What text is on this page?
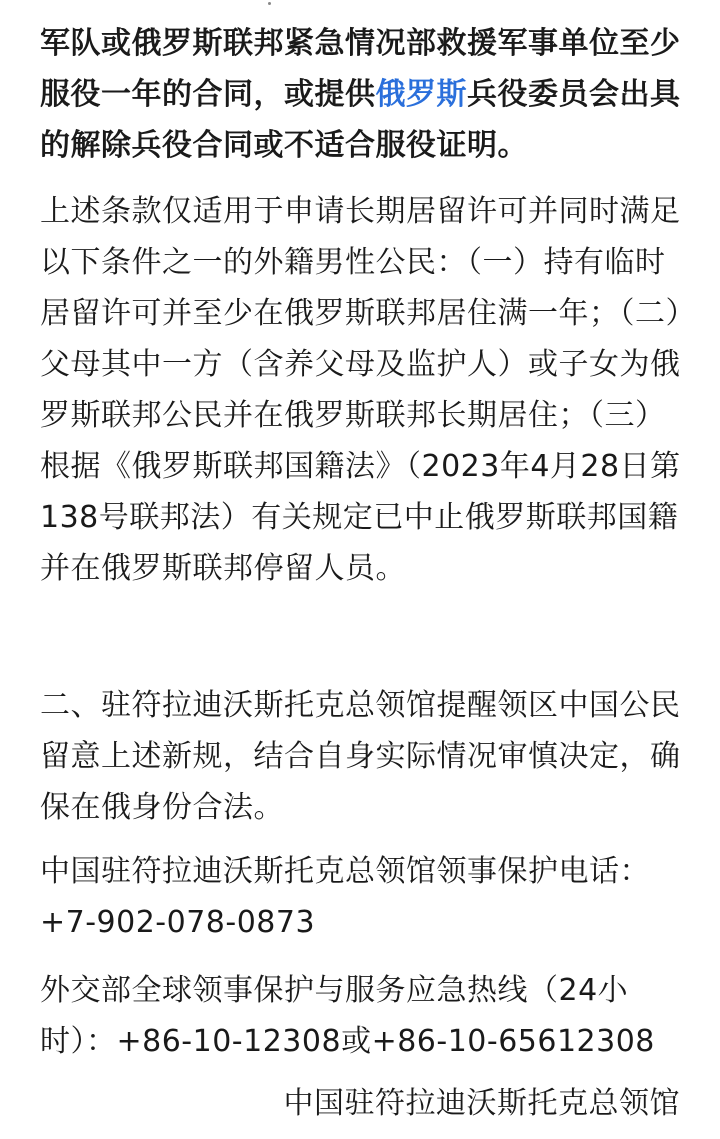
军队或俄罗斯联邦紧急情况部救援军事单位至少服役一年的合同，或提供俄罗斯兵役委员会出具的解除兵役合同或不适合服役证明。

上述条款仅适用于申请长期居留许可并同时满足以下条件之一的外籍男性公民：（一）持有临时居留许可并至少在俄罗斯联邦居住满一年；（二）父母其中一方（含养父母及监护人）或子女为俄罗斯联邦公民并在俄罗斯联邦长期居住；（三）根据《俄罗斯联邦国籍法》（2023年4月28日第138号联邦法）有关规定已中止俄罗斯联邦国籍并在俄罗斯联邦停留人员。

二、驻符拉迪沃斯托克总领馆提醒领区中国公民留意上述新规，结合自身实际情况审慎决定，确保在俄身份合法。

中国驻符拉迪沃斯托克总领馆领事保护电话：
+7-902-078-0873

外交部全球领事保护与服务应急热线（24小时）：+86-10-12308或+86-10-65612308

中国驻符拉迪沃斯托克总领馆
